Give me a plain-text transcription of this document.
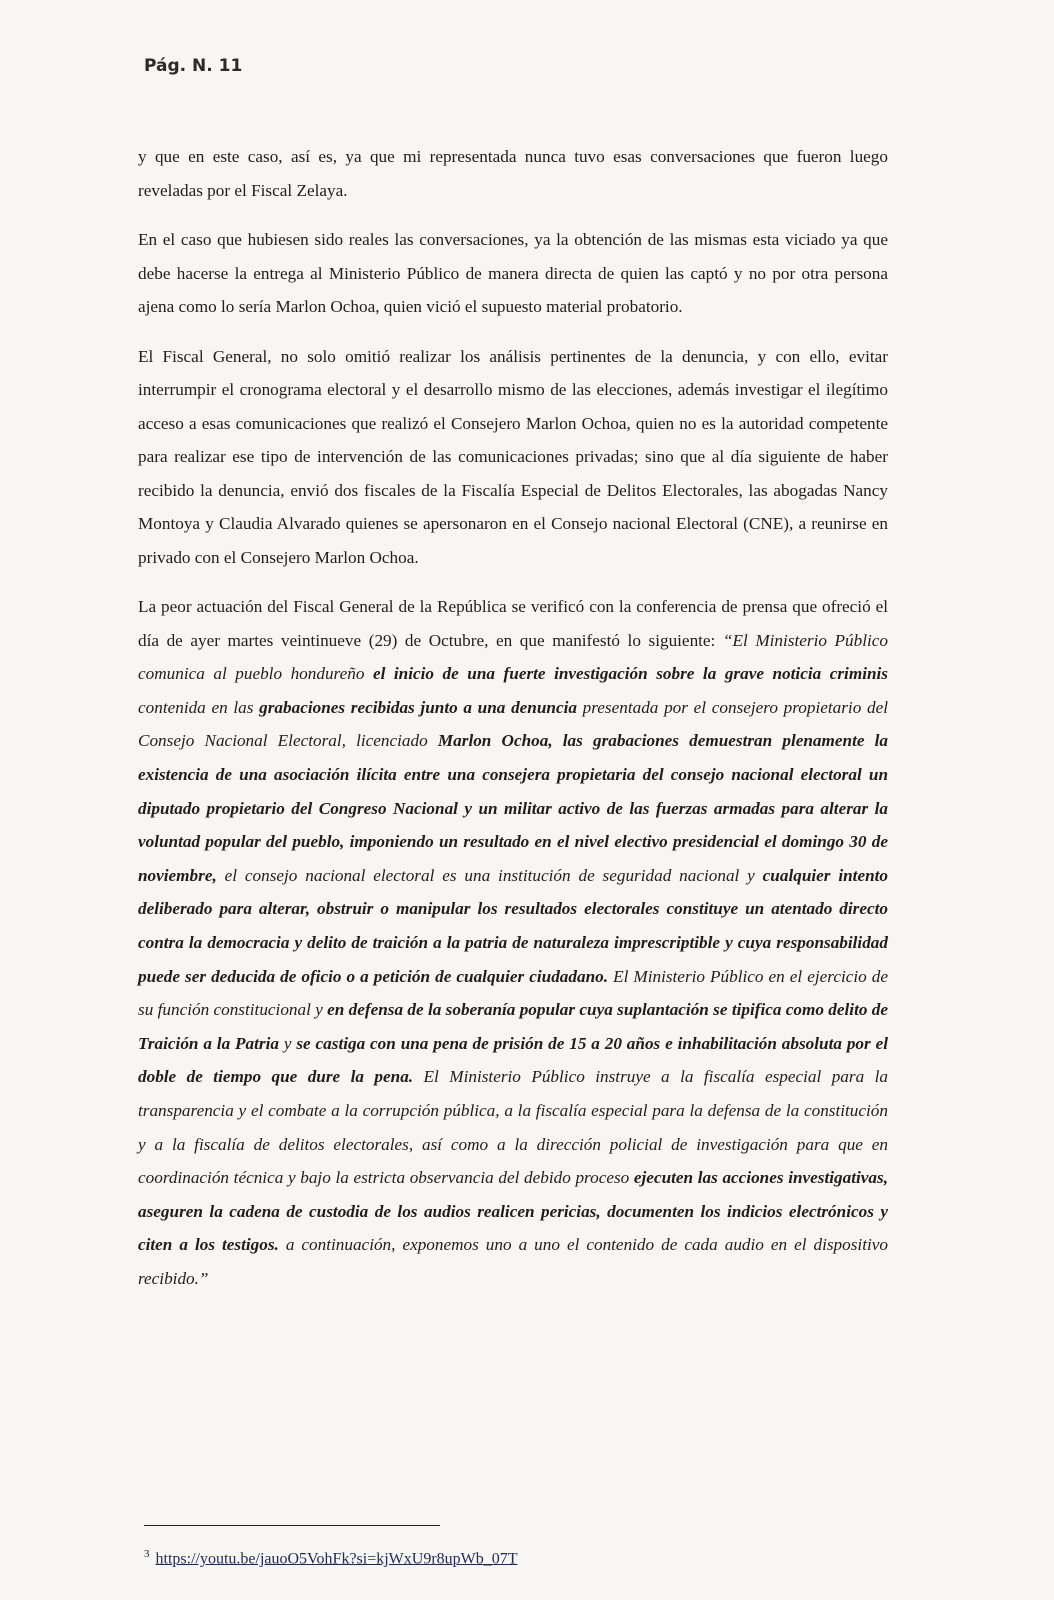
Pág. N. 11

y que en este caso, así es, ya que mi representada nunca tuvo esas conversaciones que fueron luego reveladas por el Fiscal Zelaya.

En el caso que hubiesen sido reales las conversaciones, ya la obtención de las mismas esta viciado ya que debe hacerse la entrega al Ministerio Público de manera directa de quien las captó y no por otra persona ajena como lo sería Marlon Ochoa, quien vició el supuesto material probatorio.

El Fiscal General, no solo omitió realizar los análisis pertinentes de la denuncia, y con ello, evitar interrumpir el cronograma electoral y el desarrollo mismo de las elecciones, además investigar el ilegítimo acceso a esas comunicaciones que realizó el Consejero Marlon Ochoa, quien no es la autoridad competente para realizar ese tipo de intervención de las comunicaciones privadas; sino que al día siguiente de haber recibido la denuncia, envió dos fiscales de la Fiscalía Especial de Delitos Electorales, las abogadas Nancy Montoya y Claudia Alvarado quienes se apersonaron en el Consejo nacional Electoral (CNE), a reunirse en privado con el Consejero Marlon Ochoa.

La peor actuación del Fiscal General de la República se verificó con la conferencia de prensa que ofreció el día de ayer martes veintinueve (29) de Octubre, en que manifestó lo siguiente: “El Ministerio Público comunica al pueblo hondureño el inicio de una fuerte investigación sobre la grave noticia criminis contenida en las grabaciones recibidas junto a una denuncia presentada por el consejero propietario del Consejo Nacional Electoral, licenciado Marlon Ochoa, las grabaciones demuestran plenamente la existencia de una asociación ilícita entre una consejera propietaria del consejo nacional electoral un diputado propietario del Congreso Nacional y un militar activo de las fuerzas armadas para alterar la voluntad popular del pueblo, imponiendo un resultado en el nivel electivo presidencial el domingo 30 de noviembre, el consejo nacional electoral es una institución de seguridad nacional y cualquier intento deliberado para alterar, obstruir o manipular los resultados electorales constituye un atentado directo contra la democracia y delito de traición a la patria de naturaleza imprescriptible y cuya responsabilidad puede ser deducida de oficio o a petición de cualquier ciudadano. El Ministerio Público en el ejercicio de su función constitucional y en defensa de la soberanía popular cuya suplantación se tipifica como delito de Traición a la Patria y se castiga con una pena de prisión de 15 a 20 años e inhabilitación absoluta por el doble de tiempo que dure la pena. El Ministerio Público instruye a la fiscalía especial para la transparencia y el combate a la corrupción pública, a la fiscalía especial para la defensa de la constitución y a la fiscalía de delitos electorales, así como a la dirección policial de investigación para que en coordinación técnica y bajo la estricta observancia del debido proceso ejecuten las acciones investigativas, aseguren la cadena de custodia de los audios realicen pericias, documenten los indicios electrónicos y citen a los testigos. a continuación, exponemos uno a uno el contenido de cada audio en el dispositivo recibido.”

$^3$ https://youtu.be/jauoO5VohFk?si=kjWxU9r8upWb_07T
